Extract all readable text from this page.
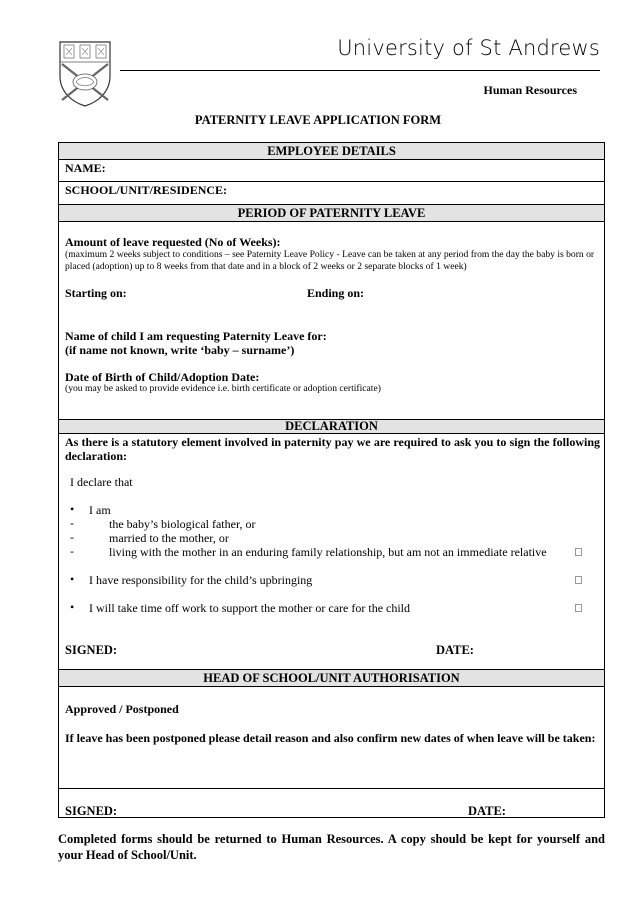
University of St Andrews
Human Resources
PATERNITY LEAVE APPLICATION FORM
EMPLOYEE DETAILS
NAME:
SCHOOL/UNIT/RESIDENCE:
PERIOD OF PATERNITY LEAVE
Amount of leave requested (No of Weeks):
(maximum 2 weeks subject to conditions – see Paternity Leave Policy - Leave can be taken at any period from the day the baby is born or placed (adoption) up to 8 weeks from that date and in a block of 2 weeks or 2 separate blocks of 1 week)
Starting on:	Ending on:
Name of child I am requesting Paternity Leave for:
(if name not known, write ‘baby – surname’)
Date of Birth of Child/Adoption Date:
(you may be asked to provide evidence i.e. birth certificate or adoption certificate)
DECLARATION
As there is a statutory element involved in paternity pay we are required to ask you to sign the following declaration:
I declare that
• I am
-	the baby’s biological father, or
-	married to the mother, or
-	living with the mother in an enduring family relationship, but am not an immediate relative
• I have responsibility for the child’s upbringing
• I will take time off work to support the mother or care for the child
SIGNED:	DATE:
HEAD OF SCHOOL/UNIT AUTHORISATION
Approved / Postponed
If leave has been postponed please detail reason and also confirm new dates of when leave will be taken:
SIGNED:	DATE:
Completed forms should be returned to Human Resources. A copy should be kept for yourself and your Head of School/Unit.
